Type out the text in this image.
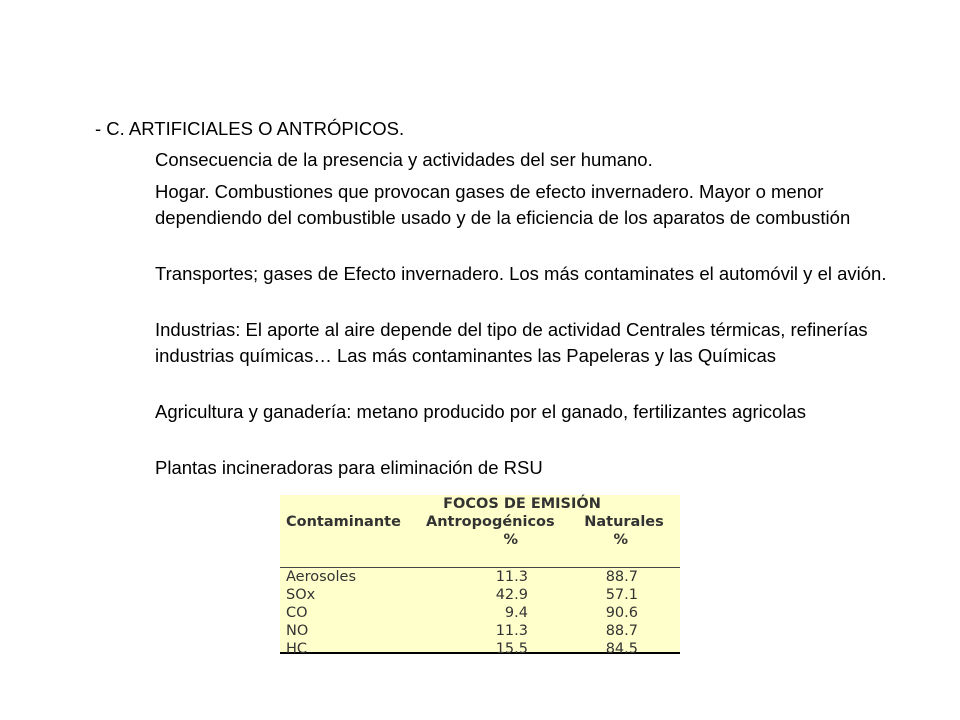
- C. ARTIFICIALES O ANTRÓPICOS.
Consecuencia de la presencia y actividades del ser humano.
Hogar. Combustiones que provocan gases de efecto invernadero. Mayor o menor dependiendo del combustible usado y de la eficiencia de los aparatos de combustión
Transportes; gases de Efecto invernadero. Los más contaminates el automóvil y el avión.
Industrias: El aporte al aire depende del tipo de actividad Centrales térmicas, refinerías industrias químicas… Las más contaminantes las Papeleras y las Químicas
Agricultura y ganadería: metano producido por el ganado, fertilizantes agricolas
Plantas incineradoras para eliminación de RSU
FOCOS DE EMISIÓN		
Contaminante	Antropogénicos	Naturales
	%	%

Aerosoles	11.3	88.7
SOx	42.9	57.1
CO	9.4	90.6
NO	11.3	88.7
HC	15.5	84.5
